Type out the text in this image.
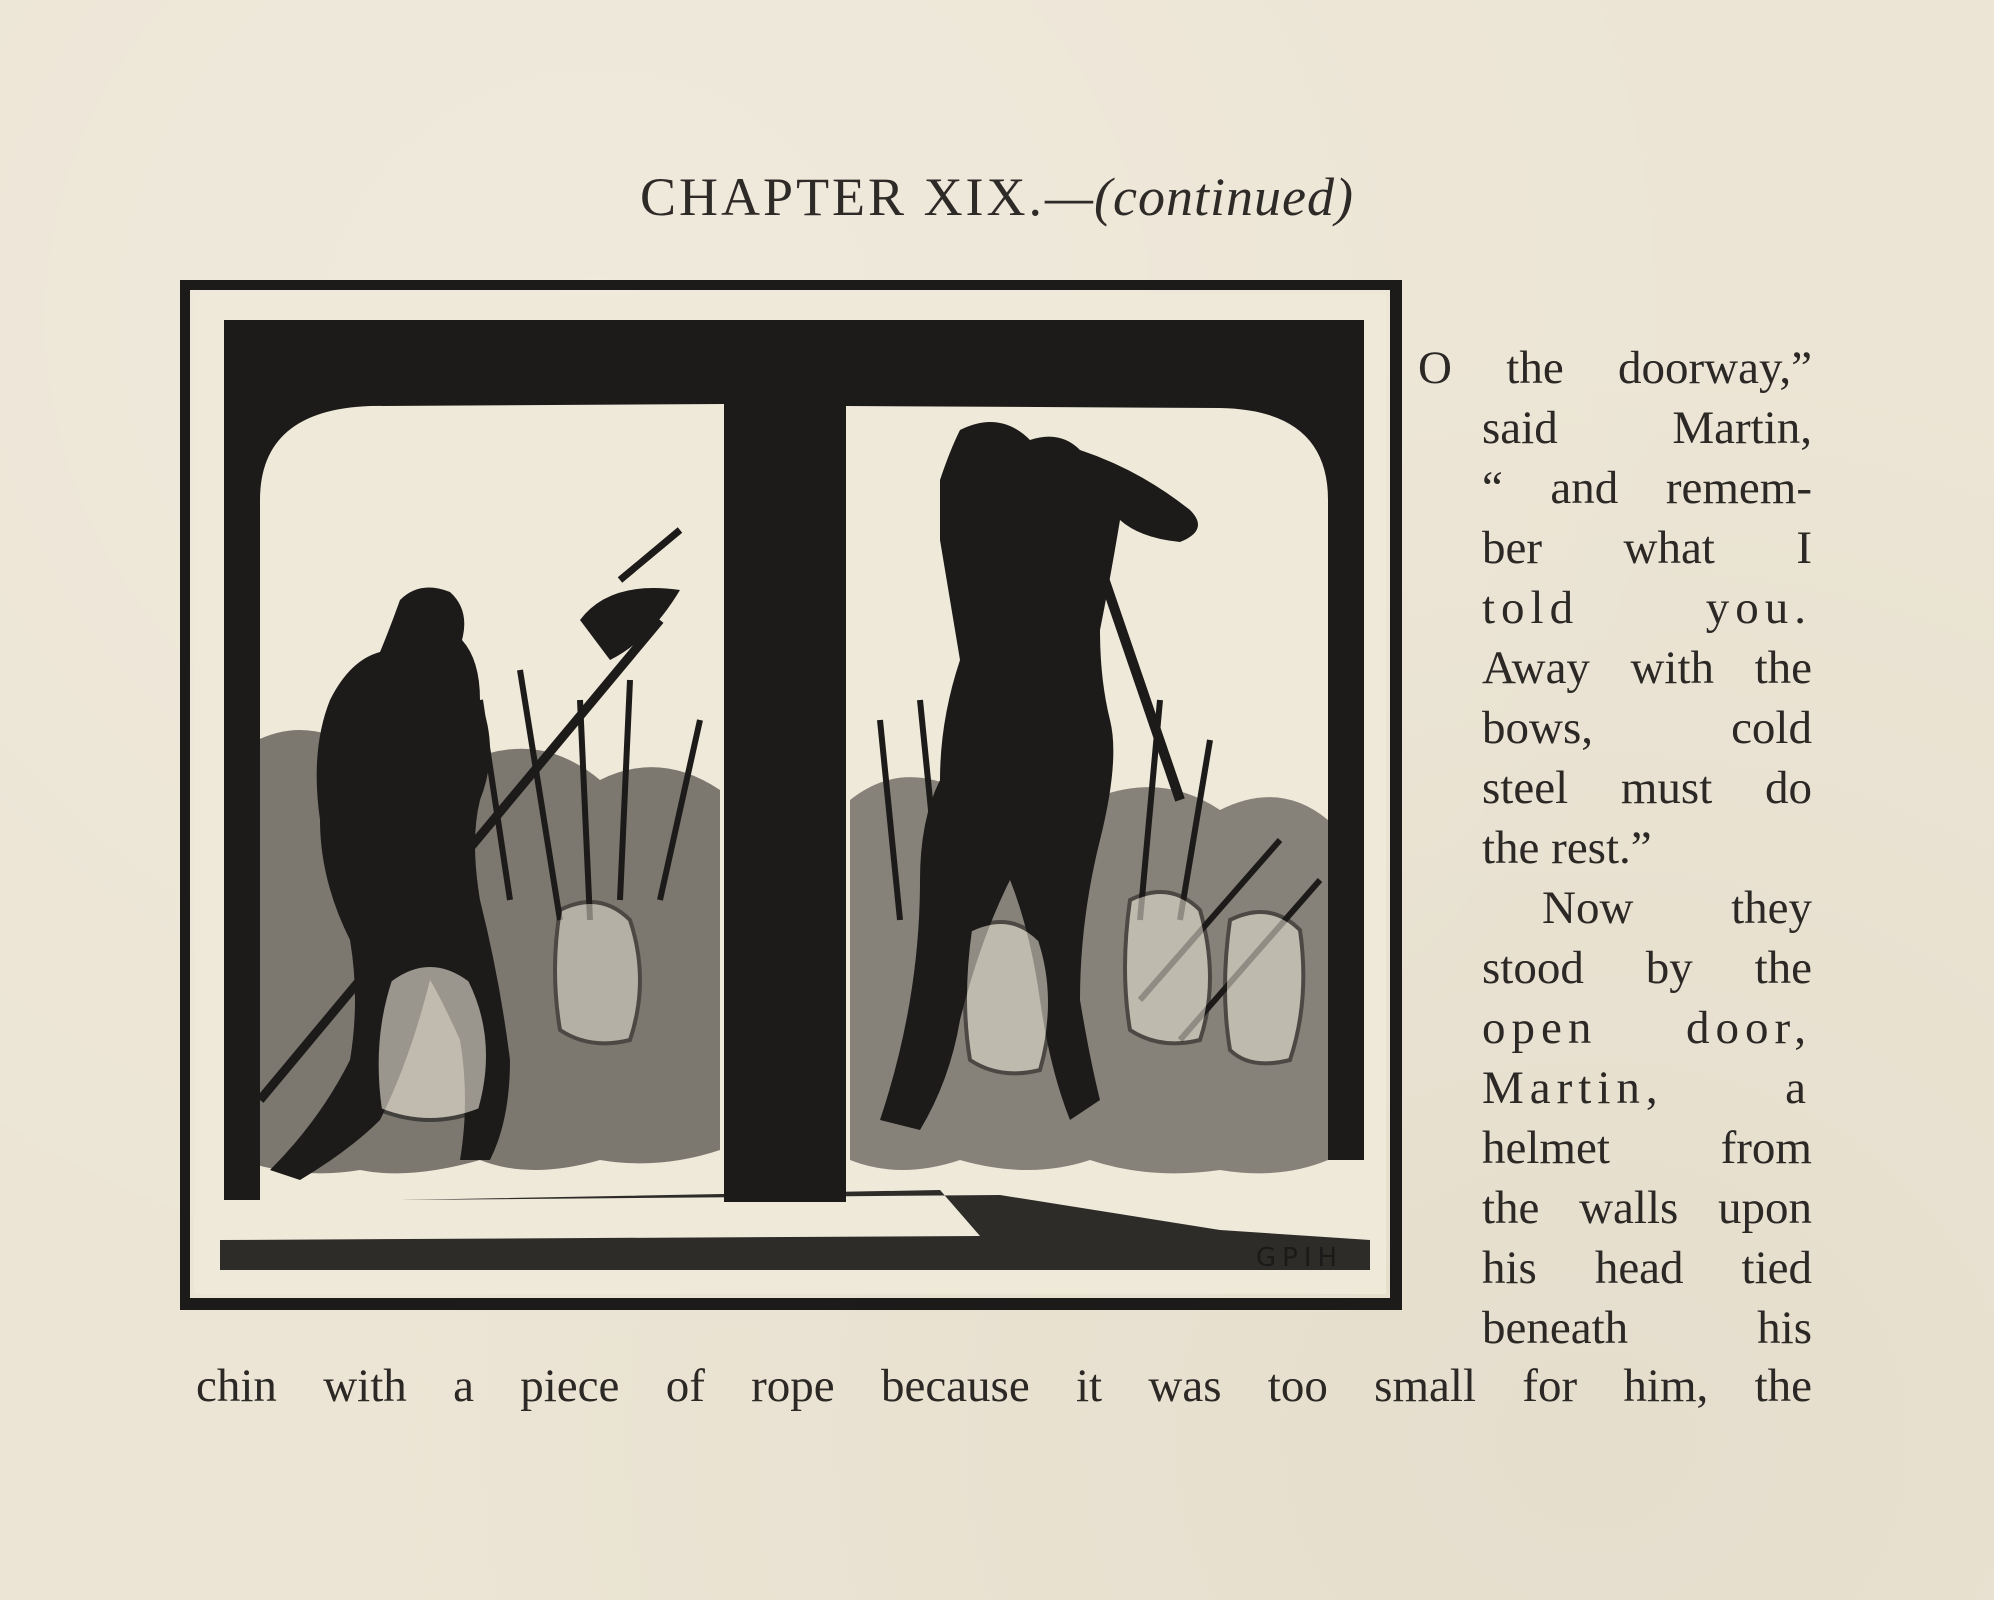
CHAPTER XIX.—(continued)
GPIH
O the doorway,”
said Martin,
“ and remem-
ber what I
told you.
Away with the
bows, cold
steel must do
the rest.”
Now they
stood by the
open door,
Martin, a
helmet from
the walls upon
his head tied
beneath his
chin with a piece of rope because it was too small for him, the
